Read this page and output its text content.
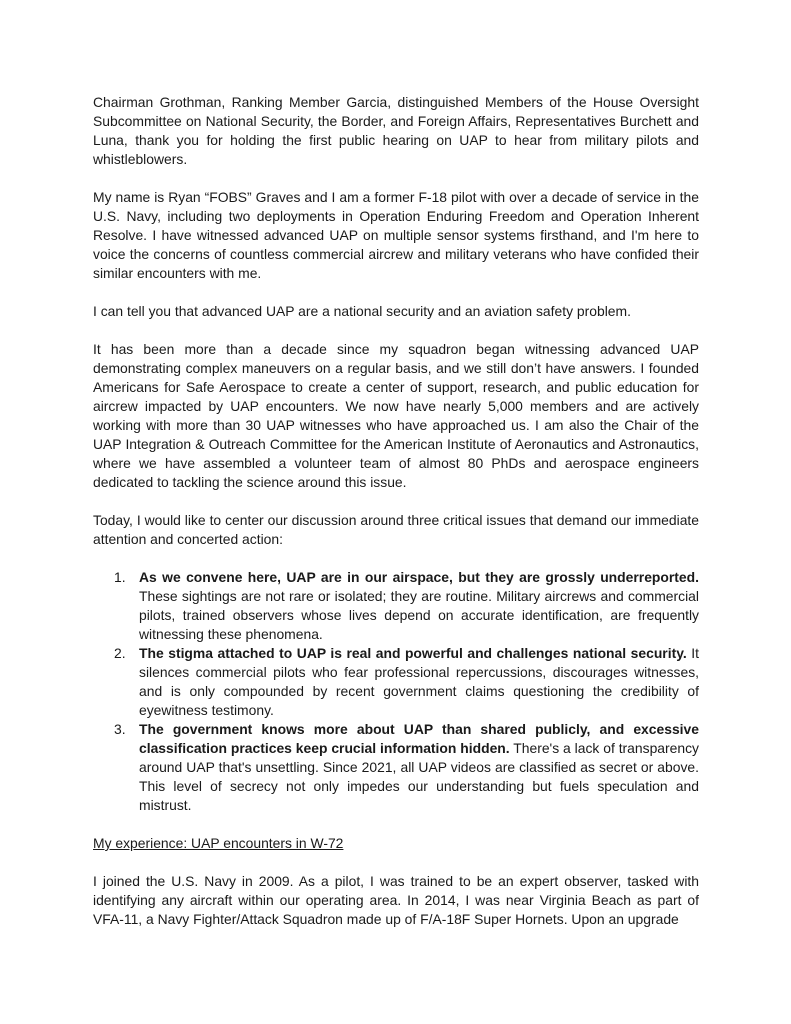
Chairman Grothman, Ranking Member Garcia, distinguished Members of the House Oversight Subcommittee on National Security, the Border, and Foreign Affairs, Representatives Burchett and Luna, thank you for holding the first public hearing on UAP to hear from military pilots and whistleblowers.

My name is Ryan “FOBS” Graves and I am a former F-18 pilot with over a decade of service in the U.S. Navy, including two deployments in Operation Enduring Freedom and Operation Inherent Resolve. I have witnessed advanced UAP on multiple sensor systems firsthand, and I'm here to voice the concerns of countless commercial aircrew and military veterans who have confided their similar encounters with me.

I can tell you that advanced UAP are a national security and an aviation safety problem.

It has been more than a decade since my squadron began witnessing advanced UAP demonstrating complex maneuvers on a regular basis, and we still don’t have answers. I founded Americans for Safe Aerospace to create a center of support, research, and public education for aircrew impacted by UAP encounters. We now have nearly 5,000 members and are actively working with more than 30 UAP witnesses who have approached us. I am also the Chair of the UAP Integration & Outreach Committee for the American Institute of Aeronautics and Astronautics, where we have assembled a volunteer team of almost 80 PhDs and aerospace engineers dedicated to tackling the science around this issue.

Today, I would like to center our discussion around three critical issues that demand our immediate attention and concerted action:

1. As we convene here, UAP are in our airspace, but they are grossly underreported. These sightings are not rare or isolated; they are routine. Military aircrews and commercial pilots, trained observers whose lives depend on accurate identification, are frequently witnessing these phenomena.
2. The stigma attached to UAP is real and powerful and challenges national security. It silences commercial pilots who fear professional repercussions, discourages witnesses, and is only compounded by recent government claims questioning the credibility of eyewitness testimony.
3. The government knows more about UAP than shared publicly, and excessive classification practices keep crucial information hidden. There's a lack of transparency around UAP that's unsettling. Since 2021, all UAP videos are classified as secret or above. This level of secrecy not only impedes our understanding but fuels speculation and mistrust.
My experience: UAP encounters in W-72

I joined the U.S. Navy in 2009. As a pilot, I was trained to be an expert observer, tasked with identifying any aircraft within our operating area. In 2014, I was near Virginia Beach as part of VFA-11, a Navy Fighter/Attack Squadron made up of F/A-18F Super Hornets. Upon an upgrade
